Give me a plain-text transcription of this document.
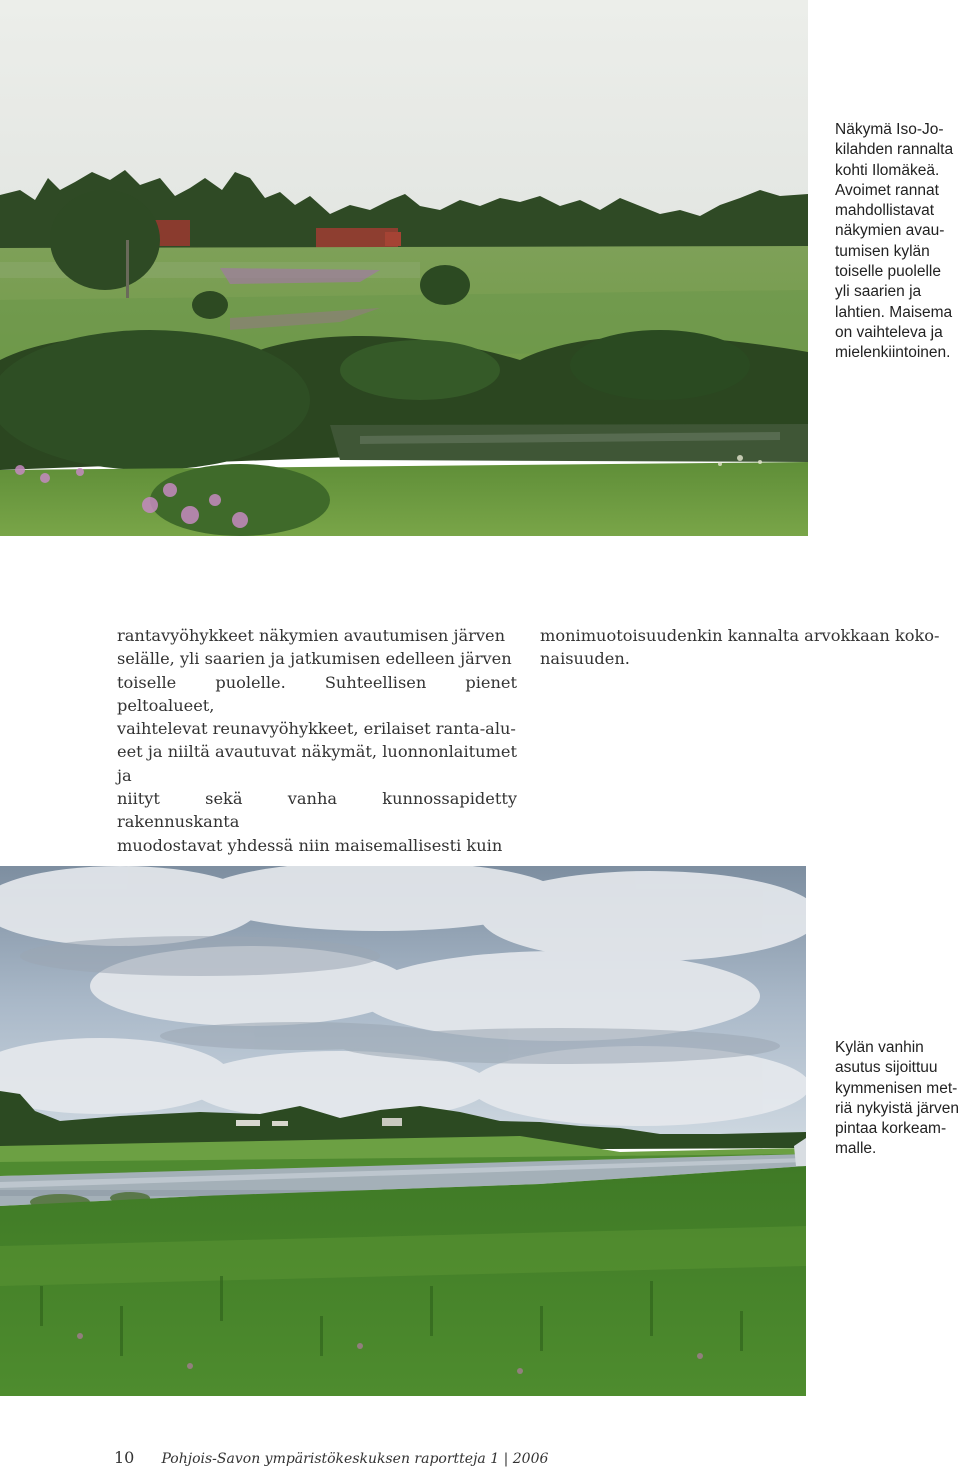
Näkymä Iso-Jo-
kilahden rannalta
kohti Ilomäkeä.
Avoimet rannat
mahdollistavat
näkymien avau-
tumisen kylän
toiselle puolelle
yli saarien ja
lahtien. Maisema
on vaihteleva ja
mielenkiintoinen.
rantavyöhykkeet näkymien avautumisen järven
selälle, yli saarien ja jatkumisen edelleen järven
toiselle puolelle. Suhteellisen pienet peltoalueet,
vaihtelevat reunavyöhykkeet, erilaiset ranta-alu-
eet ja niiltä avautuvat näkymät, luonnonlaitumet ja
niityt sekä vanha kunnossapidetty rakennuskanta
muodostavat yhdessä niin maisemallisesti kuin
monimuotoisuudenkin kannalta arvokkaan koko-
naisuuden.
Kylän vanhin
asutus sijoittuu
kymmenisen met-
riä nykyistä järven
pintaa korkeam-
malle.
10 Pohjois-Savon ympäristökeskuksen raportteja 1 | 2006
